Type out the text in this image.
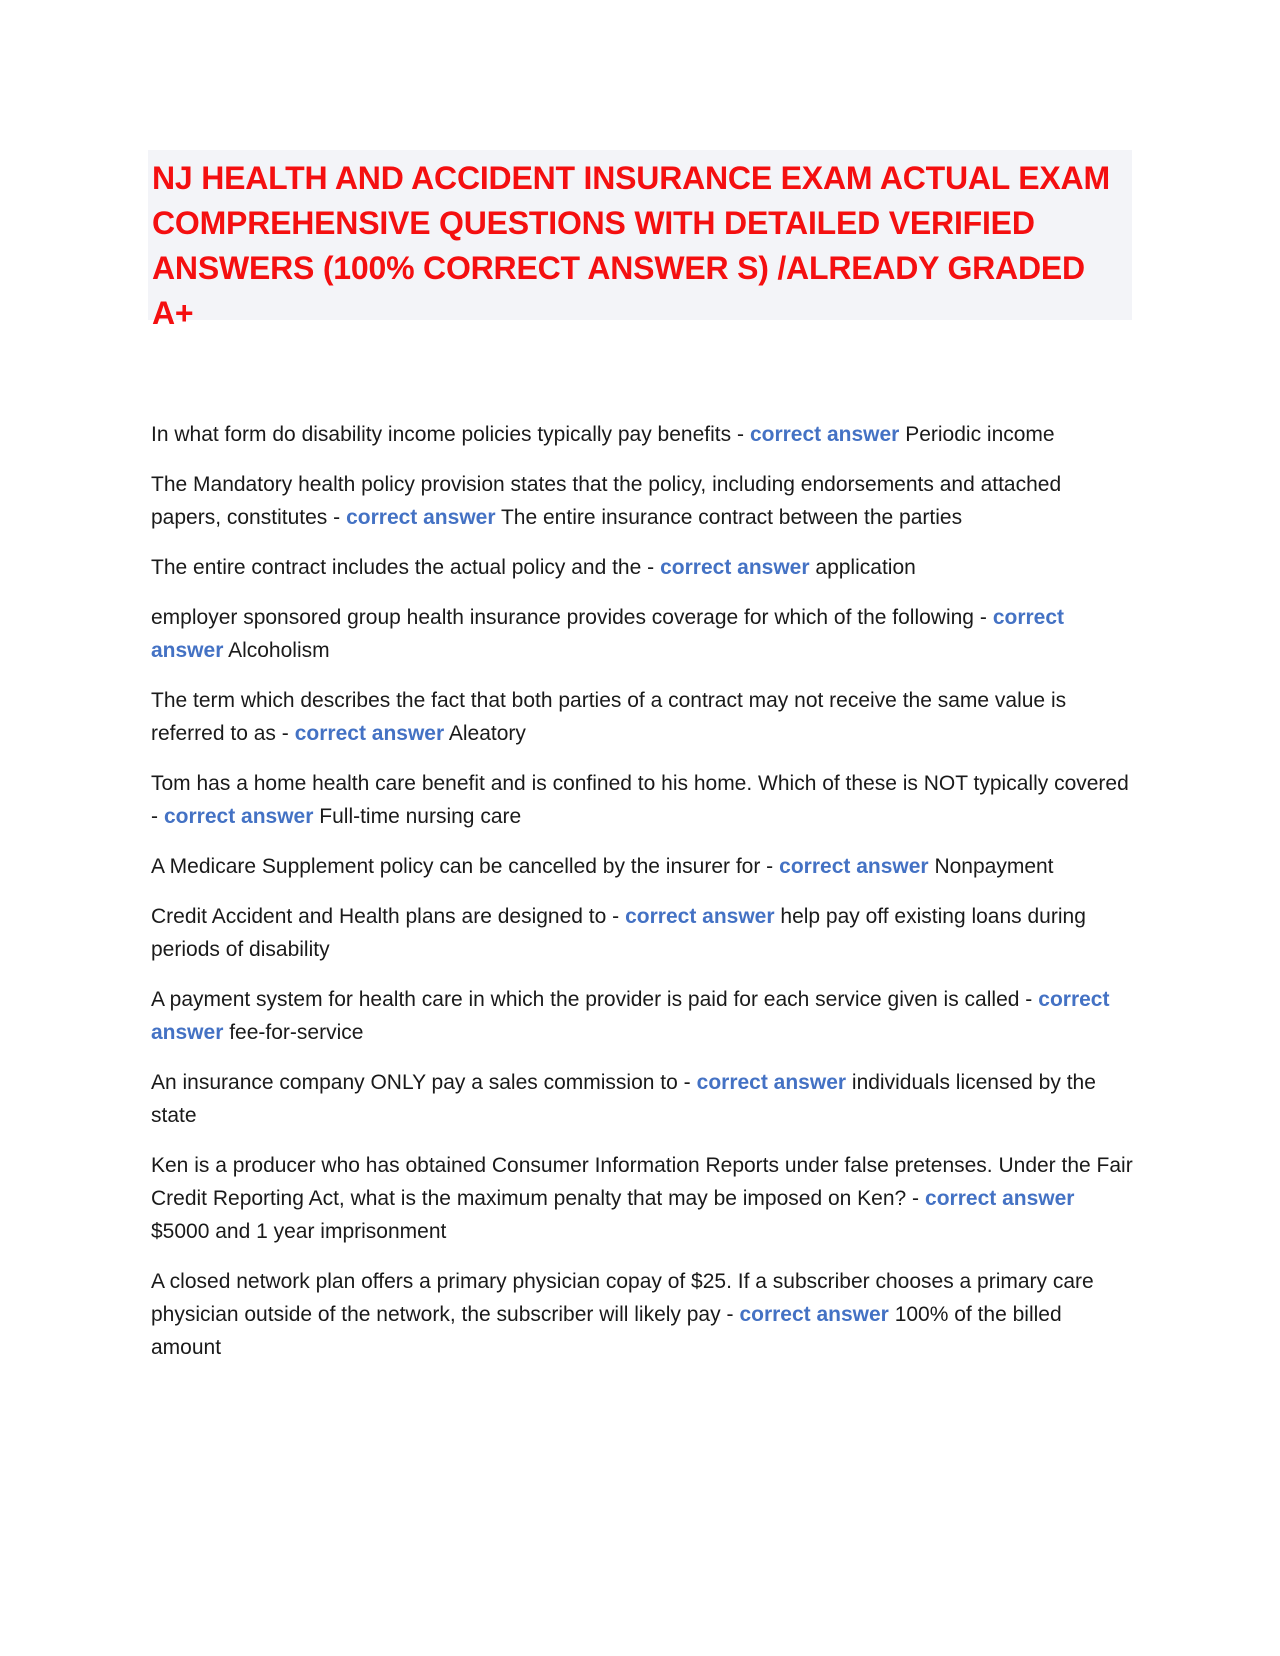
NJ HEALTH AND ACCIDENT INSURANCE EXAM ACTUAL EXAM COMPREHENSIVE QUESTIONS WITH DETAILED VERIFIED ANSWERS (100% CORRECT ANSWER S) /ALREADY GRADED A+
In what form do disability income policies typically pay benefits - correct answer Periodic income
The Mandatory health policy provision states that the policy, including endorsements and attached papers, constitutes - correct answer The entire insurance contract between the parties
The entire contract includes the actual policy and the - correct answer application
employer sponsored group health insurance provides coverage for which of the following - correct answer Alcoholism
The term which describes the fact that both parties of a contract may not receive the same value is referred to as - correct answer Aleatory
Tom has a home health care benefit and is confined to his home. Which of these is NOT typically covered - correct answer Full-time nursing care
A Medicare Supplement policy can be cancelled by the insurer for - correct answer Nonpayment
Credit Accident and Health plans are designed to - correct answer help pay off existing loans during periods of disability
A payment system for health care in which the provider is paid for each service given is called - correct answer fee-for-service
An insurance company ONLY pay a sales commission to - correct answer individuals licensed by the state
Ken is a producer who has obtained Consumer Information Reports under false pretenses. Under the Fair Credit Reporting Act, what is the maximum penalty that may be imposed on Ken? - correct answer $5000 and 1 year imprisonment
A closed network plan offers a primary physician copay of $25. If a subscriber chooses a primary care physician outside of the network, the subscriber will likely pay - correct answer 100% of the billed amount
